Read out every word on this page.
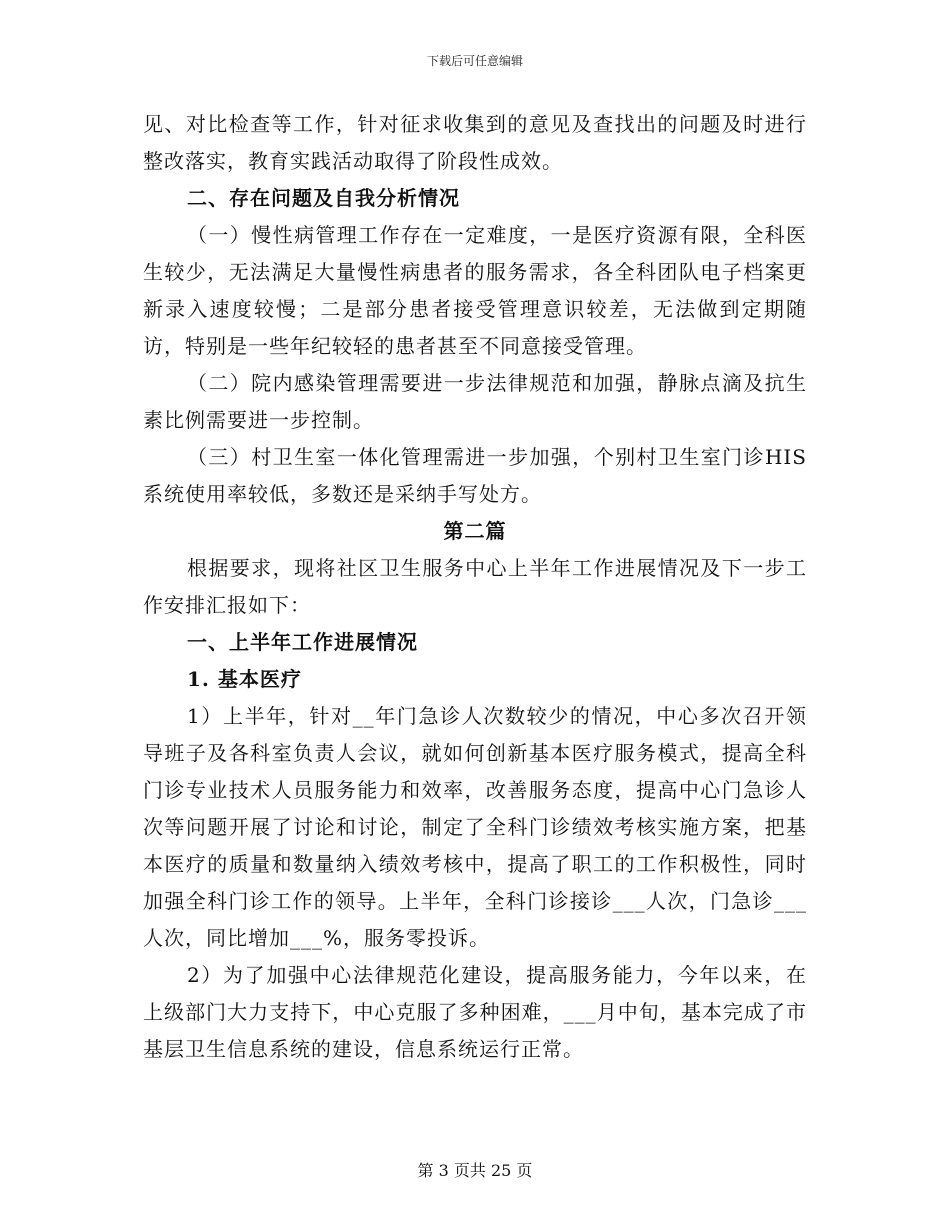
下载后可任意编辑

见、对比检查等工作，针对征求收集到的意见及查找出的问题及时进行整改落实，教育实践活动取得了阶段性成效。

二、存在问题及自我分析情况

（一）慢性病管理工作存在一定难度，一是医疗资源有限，全科医生较少，无法满足大量慢性病患者的服务需求，各全科团队电子档案更新录入速度较慢；二是部分患者接受管理意识较差，无法做到定期随访，特别是一些年纪较轻的患者甚至不同意接受管理。

（二）院内感染管理需要进一步法律规范和加强，静脉点滴及抗生素比例需要进一步控制。

（三）村卫生室一体化管理需进一步加强，个别村卫生室门诊HIS系统使用率较低，多数还是采纳手写处方。

第二篇

根据要求，现将社区卫生服务中心上半年工作进展情况及下一步工作安排汇报如下：

一、上半年工作进展情况

1. 基本医疗

1）上半年，针对__年门急诊人次数较少的情况，中心多次召开领导班子及各科室负责人会议，就如何创新基本医疗服务模式，提高全科门诊专业技术人员服务能力和效率，改善服务态度，提高中心门急诊人次等问题开展了讨论和讨论，制定了全科门诊绩效考核实施方案，把基本医疗的质量和数量纳入绩效考核中，提高了职工的工作积极性，同时加强全科门诊工作的领导。上半年，全科门诊接诊___人次，门急诊___人次，同比增加___%，服务零投诉。

2）为了加强中心法律规范化建设，提高服务能力，今年以来，在上级部门大力支持下，中心克服了多种困难，___月中旬，基本完成了市基层卫生信息系统的建设，信息系统运行正常。

第 3 页共 25 页
